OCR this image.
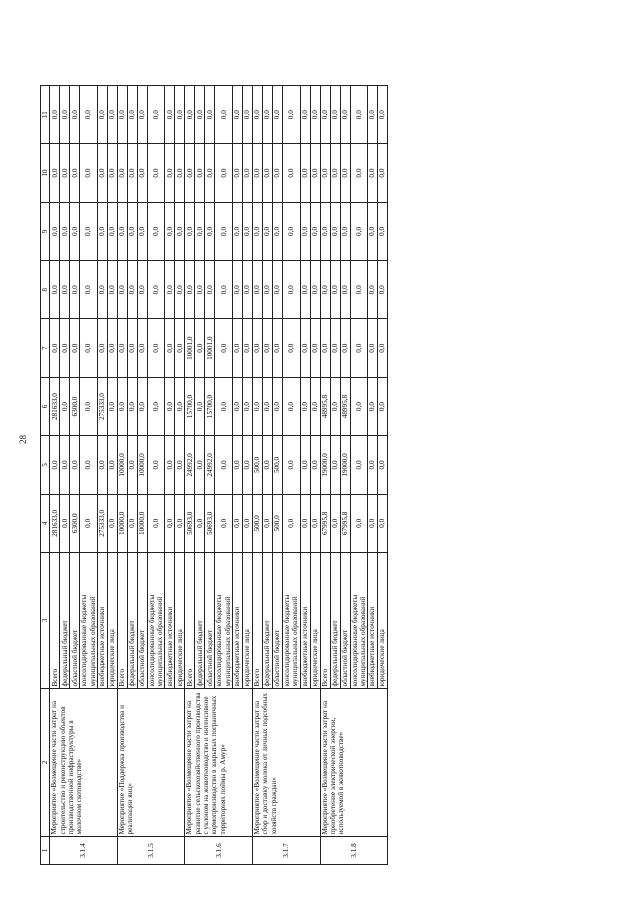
28
1	2	3	4	5	6	7	8	9	10	11
3.1.4	Мероприятие «Возмещение части затрат на строительство и реконструкцию объектов производственной инфраструктуры в молочном скотоводстве»	Всего	281633,0	0,0	281633,0	0,0	0,0	0,0	0,0	0,0
		федеральный бюджет	0,0	0,0	0,0	0,0	0,0	0,0	0,0	0,0
		областной бюджет	6300,0	0,0	6300,0	0,0	0,0	0,0	0,0	0,0
		консолидированные бюджеты муниципальных образований	0,0	0,0	0,0	0,0	0,0	0,0	0,0	0,0
		внебюджетные источники	275333,0	0,0	275333,0	0,0	0,0	0,0	0,0	0,0
		юридические лица	0,0	0,0	0,0	0,0	0,0	0,0	0,0	0,0
3.1.5	Мероприятие «Поддержка производства и реализации яиц»	Всего	10000,0	10000,0	0,0	0,0	0,0	0,0	0,0	0,0
		федеральный бюджет	0,0	0,0	0,0	0,0	0,0	0,0	0,0	0,0
		областной бюджет	10000,0	10000,0	0,0	0,0	0,0	0,0	0,0	0,0
		консолидированные бюджеты муниципальных образований	0,0	0,0	0,0	0,0	0,0	0,0	0,0	0,0
		внебюджетные источники	0,0	0,0	0,0	0,0	0,0	0,0	0,0	0,0
		юридические лица	0,0	0,0	0,0	0,0	0,0	0,0	0,0	0,0
3.1.6	Мероприятие «Возмещение части затрат на развитие сельскохозяйственного производства с уклоном на животноводство и интенсивное кормопроизводство в закрытых пограничных территориях поймы р. Амур»	Всего	50693,0	24992,0	15700,0	10001,0	0,0	0,0	0,0	0,0
		федеральный бюджет	0,0	0,0	0,0	0,0	0,0	0,0	0,0	0,0
		областной бюджет	50693,0	24992,0	15700,0	10001,0	0,0	0,0	0,0	0,0
		консолидированные бюджеты муниципальных образований	0,0	0,0	0,0	0,0	0,0	0,0	0,0	0,0
		внебюджетные источники	0,0	0,0	0,0	0,0	0,0	0,0	0,0	0,0
		юридические лица	0,0	0,0	0,0	0,0	0,0	0,0	0,0	0,0
3.1.7	Мероприятие «Возмещение части затрат на сбор и доставку молока от личных подсобных хозяйств граждан»	Всего	500,0	500,0	0,0	0,0	0,0	0,0	0,0	0,0
		федеральный бюджет	0,0	0,0	0,0	0,0	0,0	0,0	0,0	0,0
		областной бюджет	500,0	500,0	0,0	0,0	0,0	0,0	0,0	0,0
		консолидированные бюджеты муниципальных образований	0,0	0,0	0,0	0,0	0,0	0,0	0,0	0,0
		внебюджетные источники	0,0	0,0	0,0	0,0	0,0	0,0	0,0	0,0
		юридические лица	0,0	0,0	0,0	0,0	0,0	0,0	0,0	0,0
3.1.8	Мероприятие «Возмещение части затрат на приобретение электрической энергии, используемой в животноводстве»	Всего	67995,8	19000,0	48995,8	0,0	0,0	0,0	0,0	0,0
		федеральный бюджет	0,0	0,0	0,0	0,0	0,0	0,0	0,0	0,0
		областной бюджет	67995,8	19000,0	48995,8	0,0	0,0	0,0	0,0	0,0
		консолидированные бюджеты муниципальных образований	0,0	0,0	0,0	0,0	0,0	0,0	0,0	0,0
		внебюджетные источники	0,0	0,0	0,0	0,0	0,0	0,0	0,0	0,0
		юридические лица	0,0	0,0	0,0	0,0	0,0	0,0	0,0	0,0
